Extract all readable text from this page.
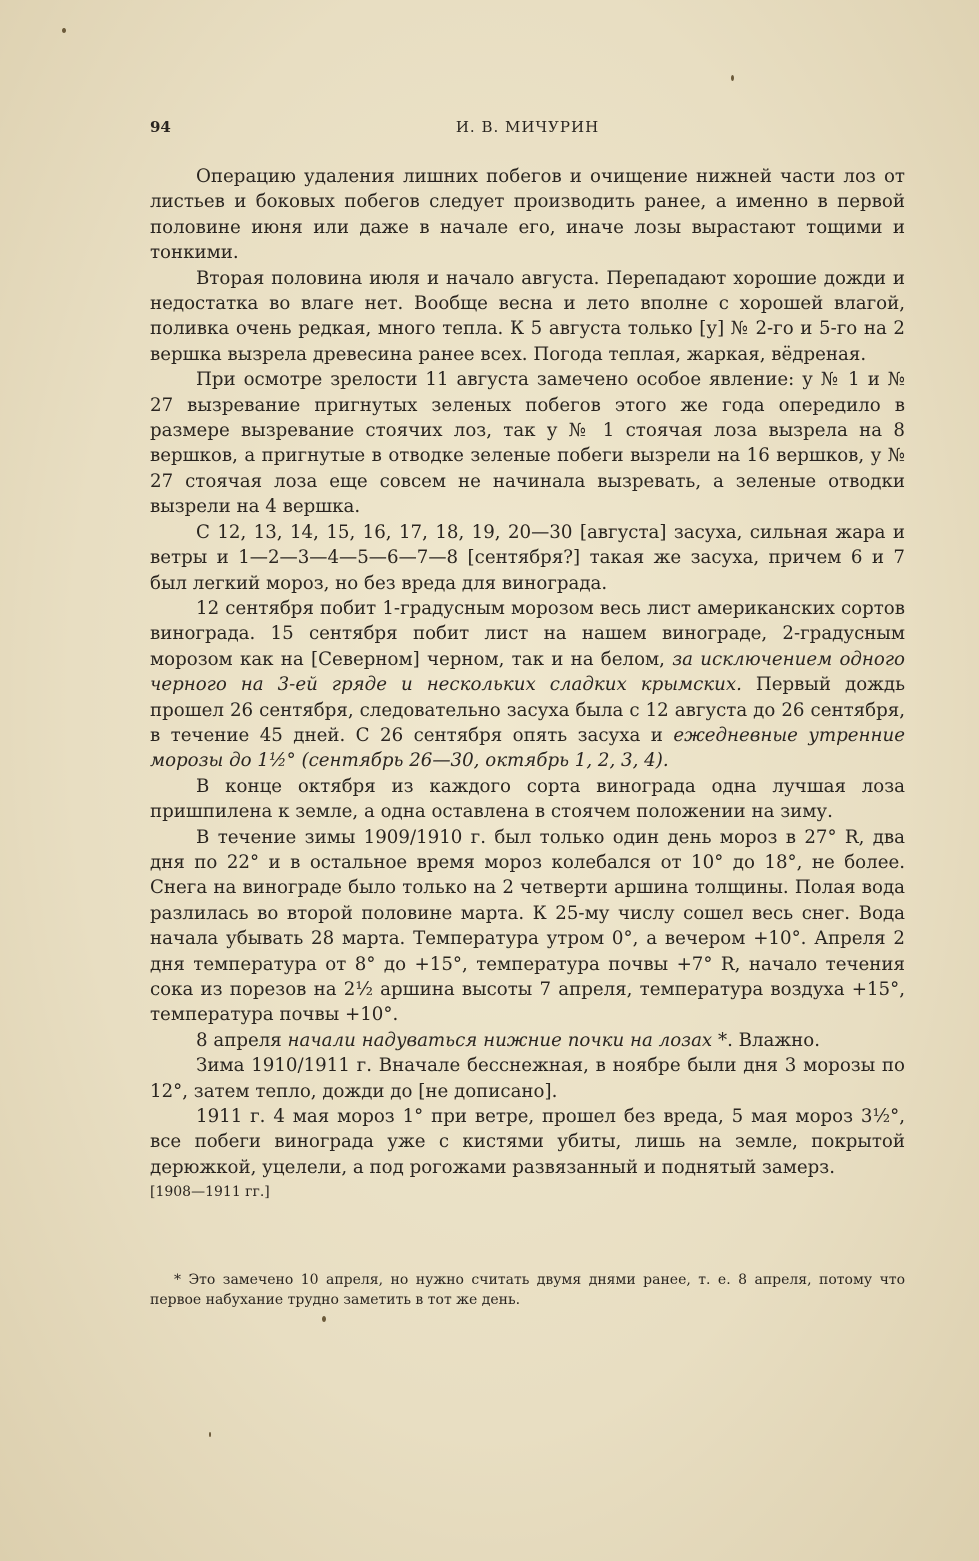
94	И. В. МИЧУРИН

Операцию удаления лишних побегов и очищение нижней части лоз от листьев и боковых побегов следует производить ранее, а именно в первой половине июня или даже в начале его, иначе лозы вырастают тощими и тонкими.

Вторая половина июля и начало августа. Перепадают хорошие дожди и недостатка во влаге нет. Вообще весна и лето вполне с хорошей влагой, поливка очень редкая, много тепла. К 5 августа только [у] № 2-го и 5-го на 2 вершка вызрела древесина ранее всех. Погода теплая, жаркая, вёдреная.

При осмотре зрелости 11 августа замечено особое явление: у № 1 и № 27 вызревание пригнутых зеленых побегов этого же года опередило в размере вызревание стоячих лоз, так у № 1 стоячая лоза вызрела на 8 вершков, а пригнутые в отводке зеленые побеги вызрели на 16 вершков, у № 27 стоячая лоза еще совсем не начинала вызревать, а зеленые отводки вызрели на 4 вершка.

С 12, 13, 14, 15, 16, 17, 18, 19, 20—30 [августа] засуха, сильная жара и ветры и 1—2—3—4—5—6—7—8 [сентября?] такая же засуха, причем 6 и 7 был легкий мороз, но без вреда для винограда.

12 сентября побит 1-градусным морозом весь лист американских сортов винограда. 15 сентября побит лист на нашем винограде, 2-градусным морозом как на [Северном] черном, так и на белом, за исключением одного черного на 3-ей гряде и нескольких сладких крымских. Первый дождь прошел 26 сентября, следовательно засуха была с 12 августа до 26 сентября, в течение 45 дней. С 26 сентября опять засуха и ежедневные утренние морозы до 1½° (сентябрь 26—30, октябрь 1, 2, 3, 4).

В конце октября из каждого сорта винограда одна лучшая лоза пришпилена к земле, а одна оставлена в стоячем положении на зиму.

В течение зимы 1909/1910 г. был только один день мороз в 27° R, два дня по 22° и в остальное время мороз колебался от 10° до 18°, не более. Снега на винограде было только на 2 четверти аршина толщины. Полая вода разлилась во второй половине марта. К 25-му числу сошел весь снег. Вода начала убывать 28 марта. Температура утром 0°, а вечером +10°. Апреля 2 дня температура от 8° до +15°, температура почвы +7° R, начало течения сока из порезов на 2½ аршина высоты 7 апреля, температура воздуха +15°, температура почвы +10°.

8 апреля начали надуваться нижние почки на лозах *. Влажно.

Зима 1910/1911 г. Вначале бесснежная, в ноябре были дня 3 морозы по 12°, затем тепло, дожди до [не дописано].

1911 г. 4 мая мороз 1° при ветре, прошел без вреда, 5 мая мороз 3½°, все побеги винограда уже с кистями убиты, лишь на земле, покрытой дерюжкой, уцелели, а под рогожами развязанный и поднятый замерз.

[1908—1911 гг.]

* Это замечено 10 апреля, но нужно считать двумя днями ранее, т. е. 8 апреля, потому что первое набухание трудно заметить в тот же день.
